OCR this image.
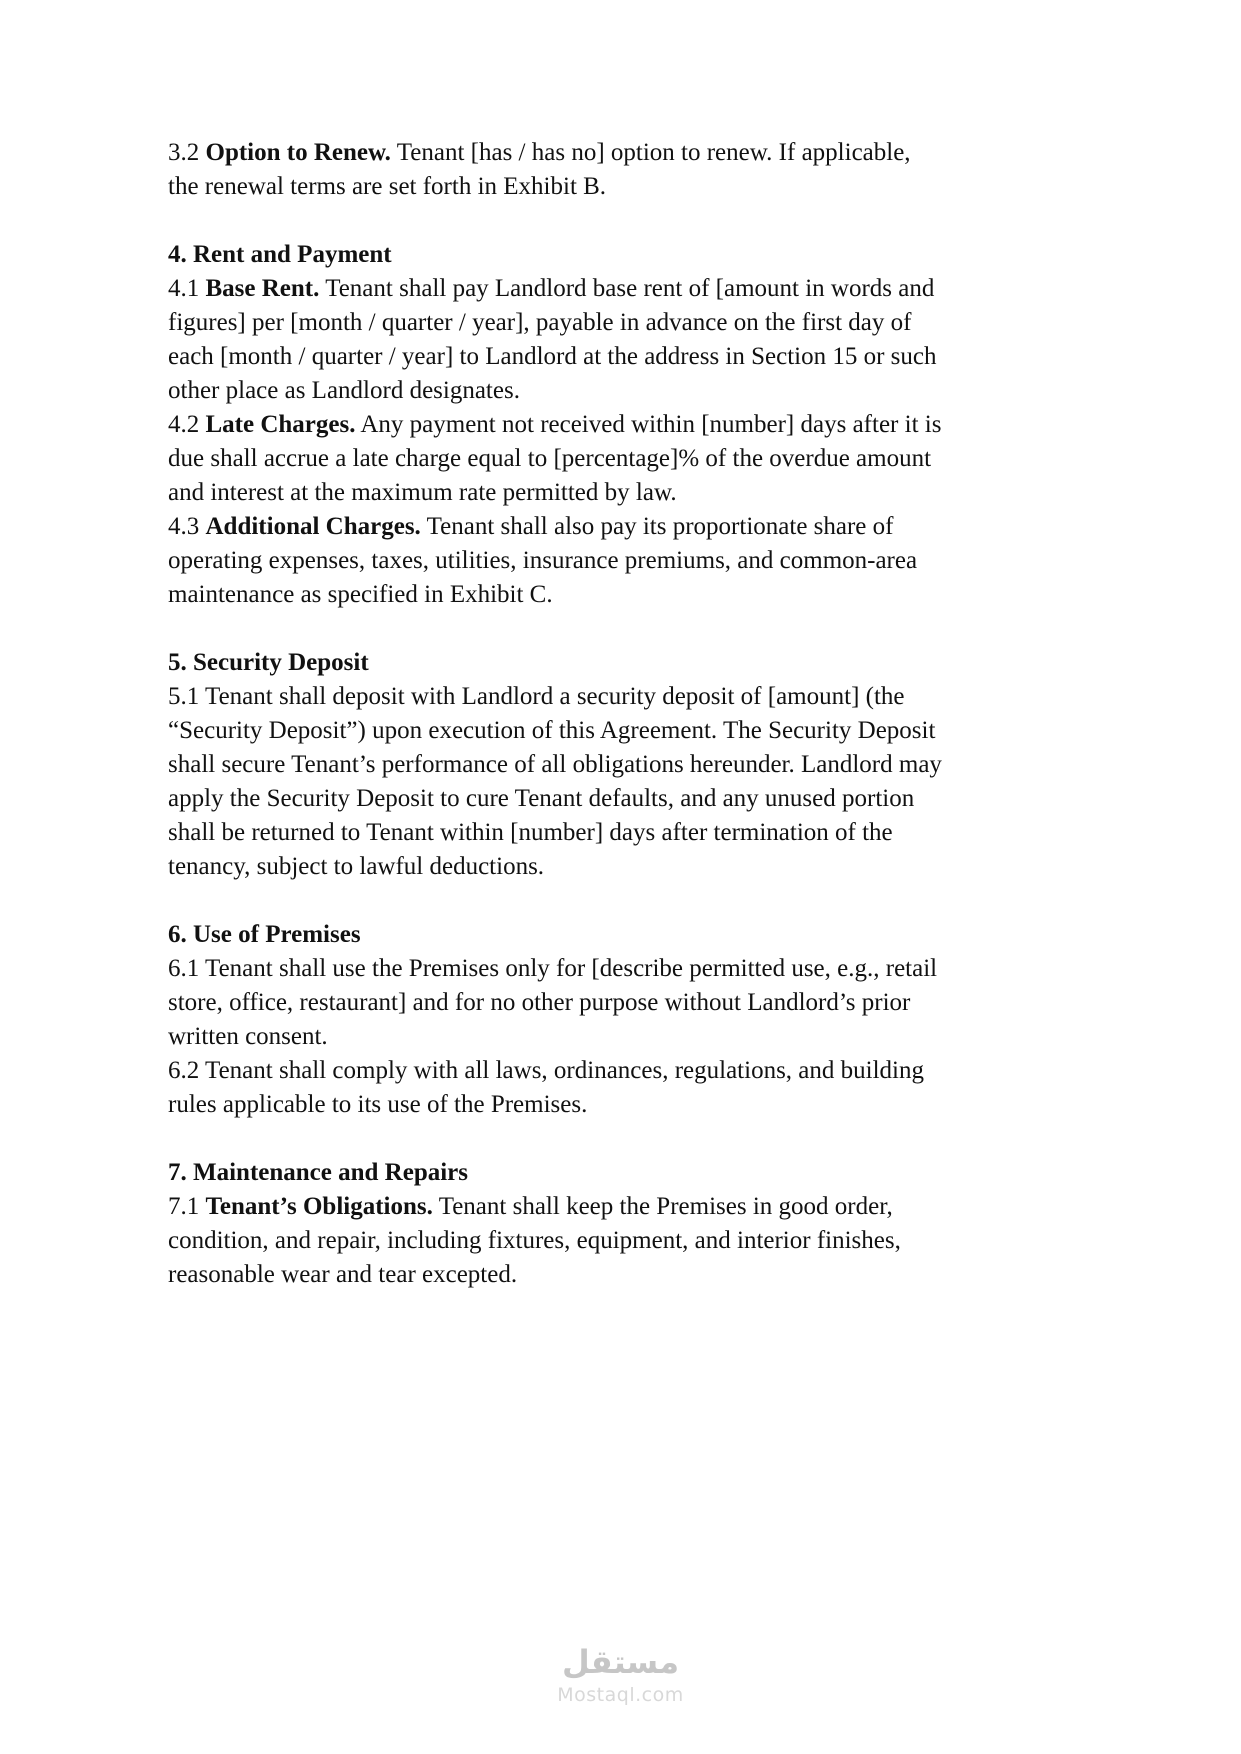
3.2 Option to Renew. Tenant [has / has no] option to renew. If applicable, the renewal terms are set forth in Exhibit B.

4. Rent and Payment

4.1 Base Rent. Tenant shall pay Landlord base rent of [amount in words and figures] per [month / quarter / year], payable in advance on the first day of each [month / quarter / year] to Landlord at the address in Section 15 or such other place as Landlord designates.

4.2 Late Charges. Any payment not received within [number] days after it is due shall accrue a late charge equal to [percentage]% of the overdue amount and interest at the maximum rate permitted by law.

4.3 Additional Charges. Tenant shall also pay its proportionate share of operating expenses, taxes, utilities, insurance premiums, and common-area maintenance as specified in Exhibit C.

5. Security Deposit

5.1 Tenant shall deposit with Landlord a security deposit of [amount] (the “Security Deposit”) upon execution of this Agreement. The Security Deposit shall secure Tenant’s performance of all obligations hereunder. Landlord may apply the Security Deposit to cure Tenant defaults, and any unused portion shall be returned to Tenant within [number] days after termination of the tenancy, subject to lawful deductions.

6. Use of Premises

6.1 Tenant shall use the Premises only for [describe permitted use, e.g., retail store, office, restaurant] and for no other purpose without Landlord’s prior written consent.

6.2 Tenant shall comply with all laws, ordinances, regulations, and building rules applicable to its use of the Premises.

7. Maintenance and Repairs

7.1 Tenant’s Obligations. Tenant shall keep the Premises in good order, condition, and repair, including fixtures, equipment, and interior finishes, reasonable wear and tear excepted.

مستقل
Mostaql.com
